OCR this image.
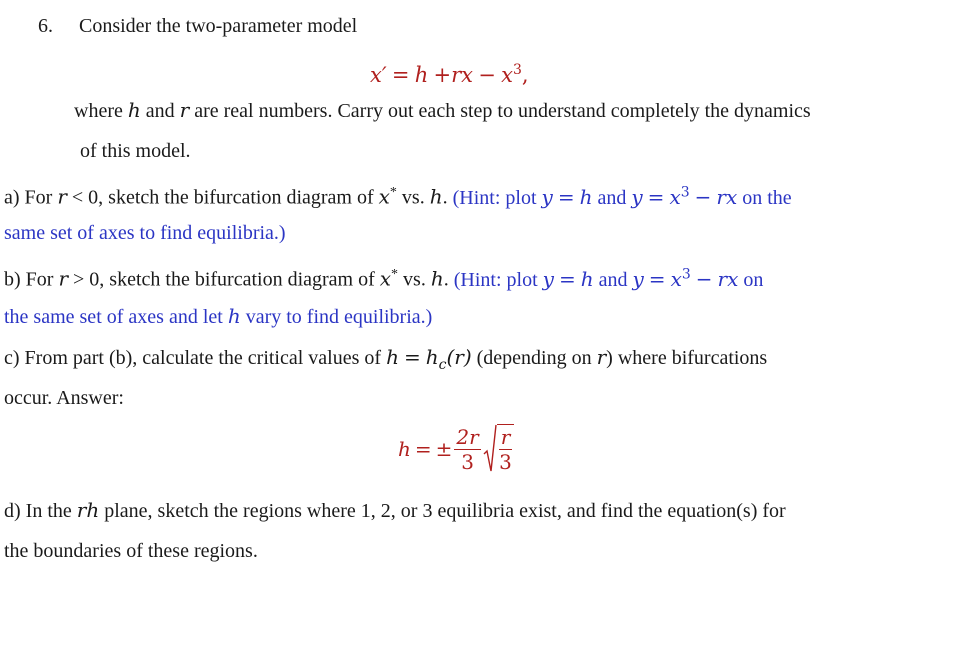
6. Consider the two-parameter model
$x' = h +rx - x^3$,
where h and r are real numbers. Carry out each step to understand completely the dynamics
of this model.
a) For r < 0, sketch the bifurcation diagram of x* vs. h. (Hint: plot y = h and $y = x^3$ − rx on the
same set of axes to find equilibria.)
b) For r > 0, sketch the bifurcation diagram of x* vs. h. (Hint: plot y = h and $y = x^3$ − rx on
the same set of axes and let h vary to find equilibria.)
c) From part (b), calculate the critical values of $h = h_c(r)$ (depending on r) where bifurcations
occur. Answer:
h = ± $\frac{2r}{3} \frac{r}{3}$
d) In the rh plane, sketch the regions where 1, 2, or 3 equilibria exist, and find the equation(s) for
the boundaries of these regions.
